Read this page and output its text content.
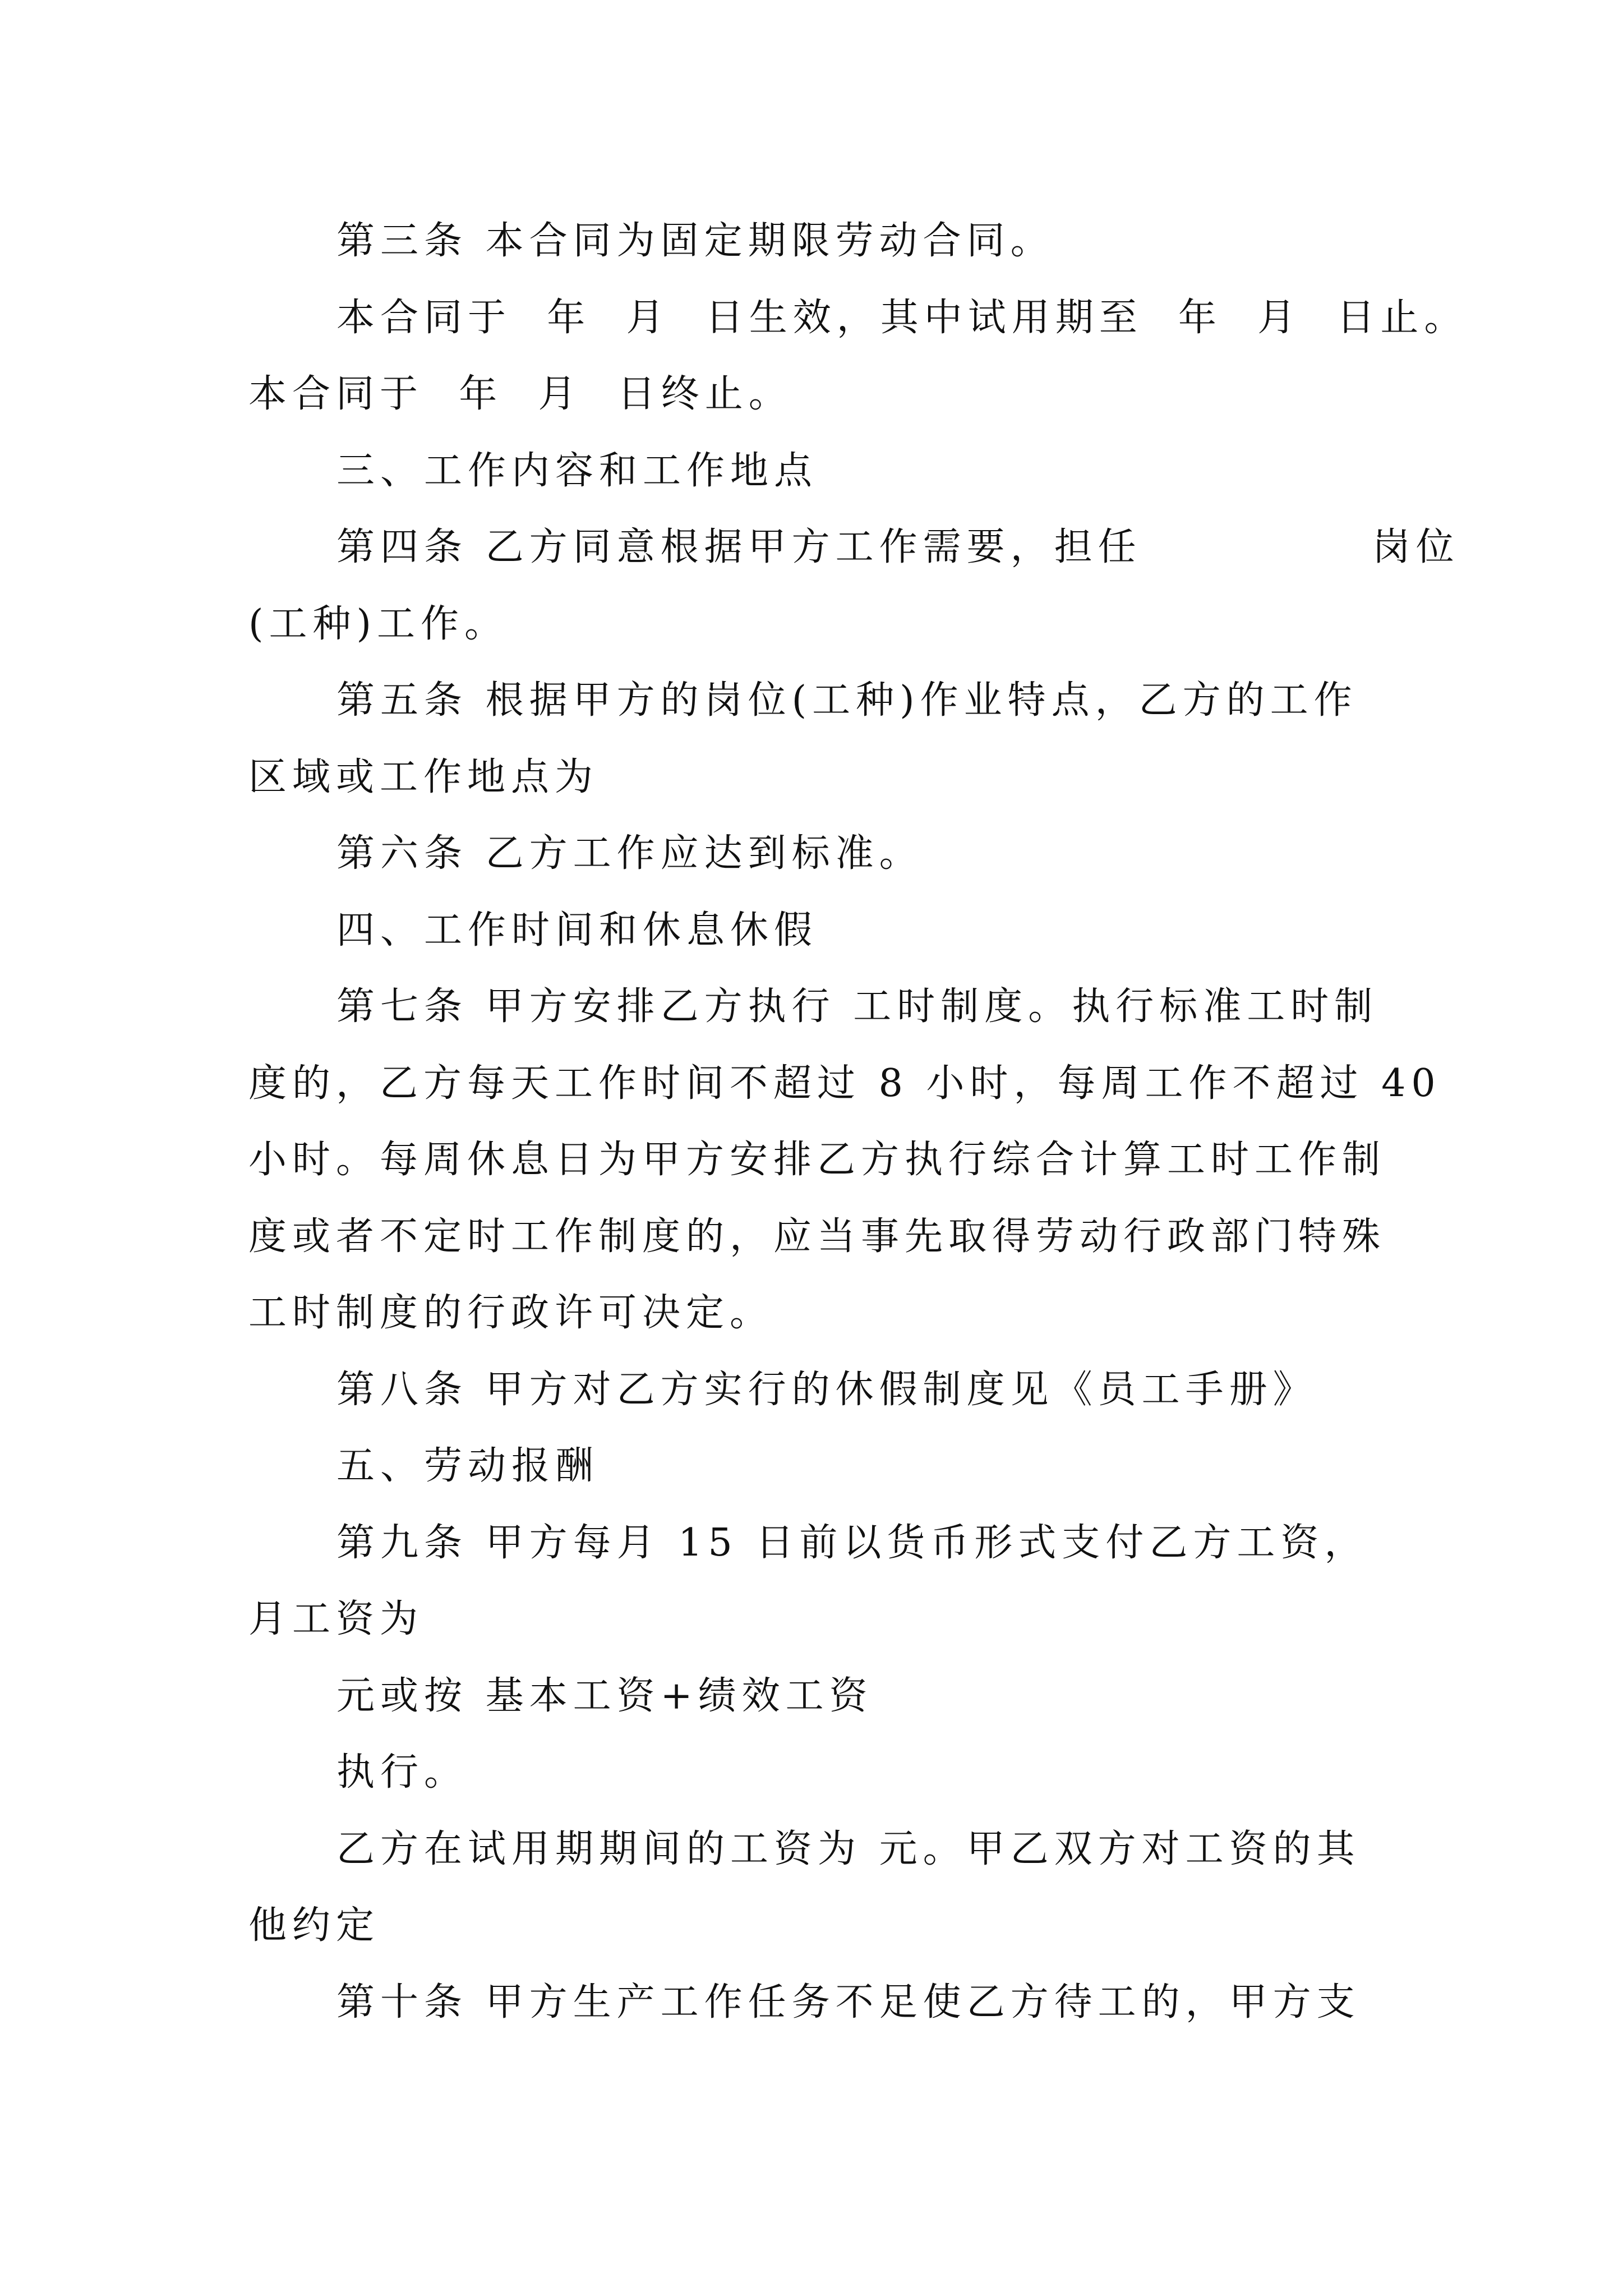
第三条 本合同为固定期限劳动合同。
本合同于  年  月  日生效，其中试用期至  年  月  日止。
本合同于  年  月  日终止。
三、工作内容和工作地点
第四条 乙方同意根据甲方工作需要，担任             岗位
(工种)工作。
第五条 根据甲方的岗位(工种)作业特点，乙方的工作
区域或工作地点为
第六条 乙方工作应达到标准。
四、工作时间和休息休假
第七条 甲方安排乙方执行 工时制度。执行标准工时制
度的，乙方每天工作时间不超过 8 小时，每周工作不超过 40
小时。每周休息日为甲方安排乙方执行综合计算工时工作制
度或者不定时工作制度的，应当事先取得劳动行政部门特殊
工时制度的行政许可决定。
第八条 甲方对乙方实行的休假制度见《员工手册》
五、劳动报酬
第九条 甲方每月 15 日前以货币形式支付乙方工资，
月工资为
元或按 基本工资+绩效工资
执行。
乙方在试用期期间的工资为 元。甲乙双方对工资的其
他约定
第十条 甲方生产工作任务不足使乙方待工的，甲方支
